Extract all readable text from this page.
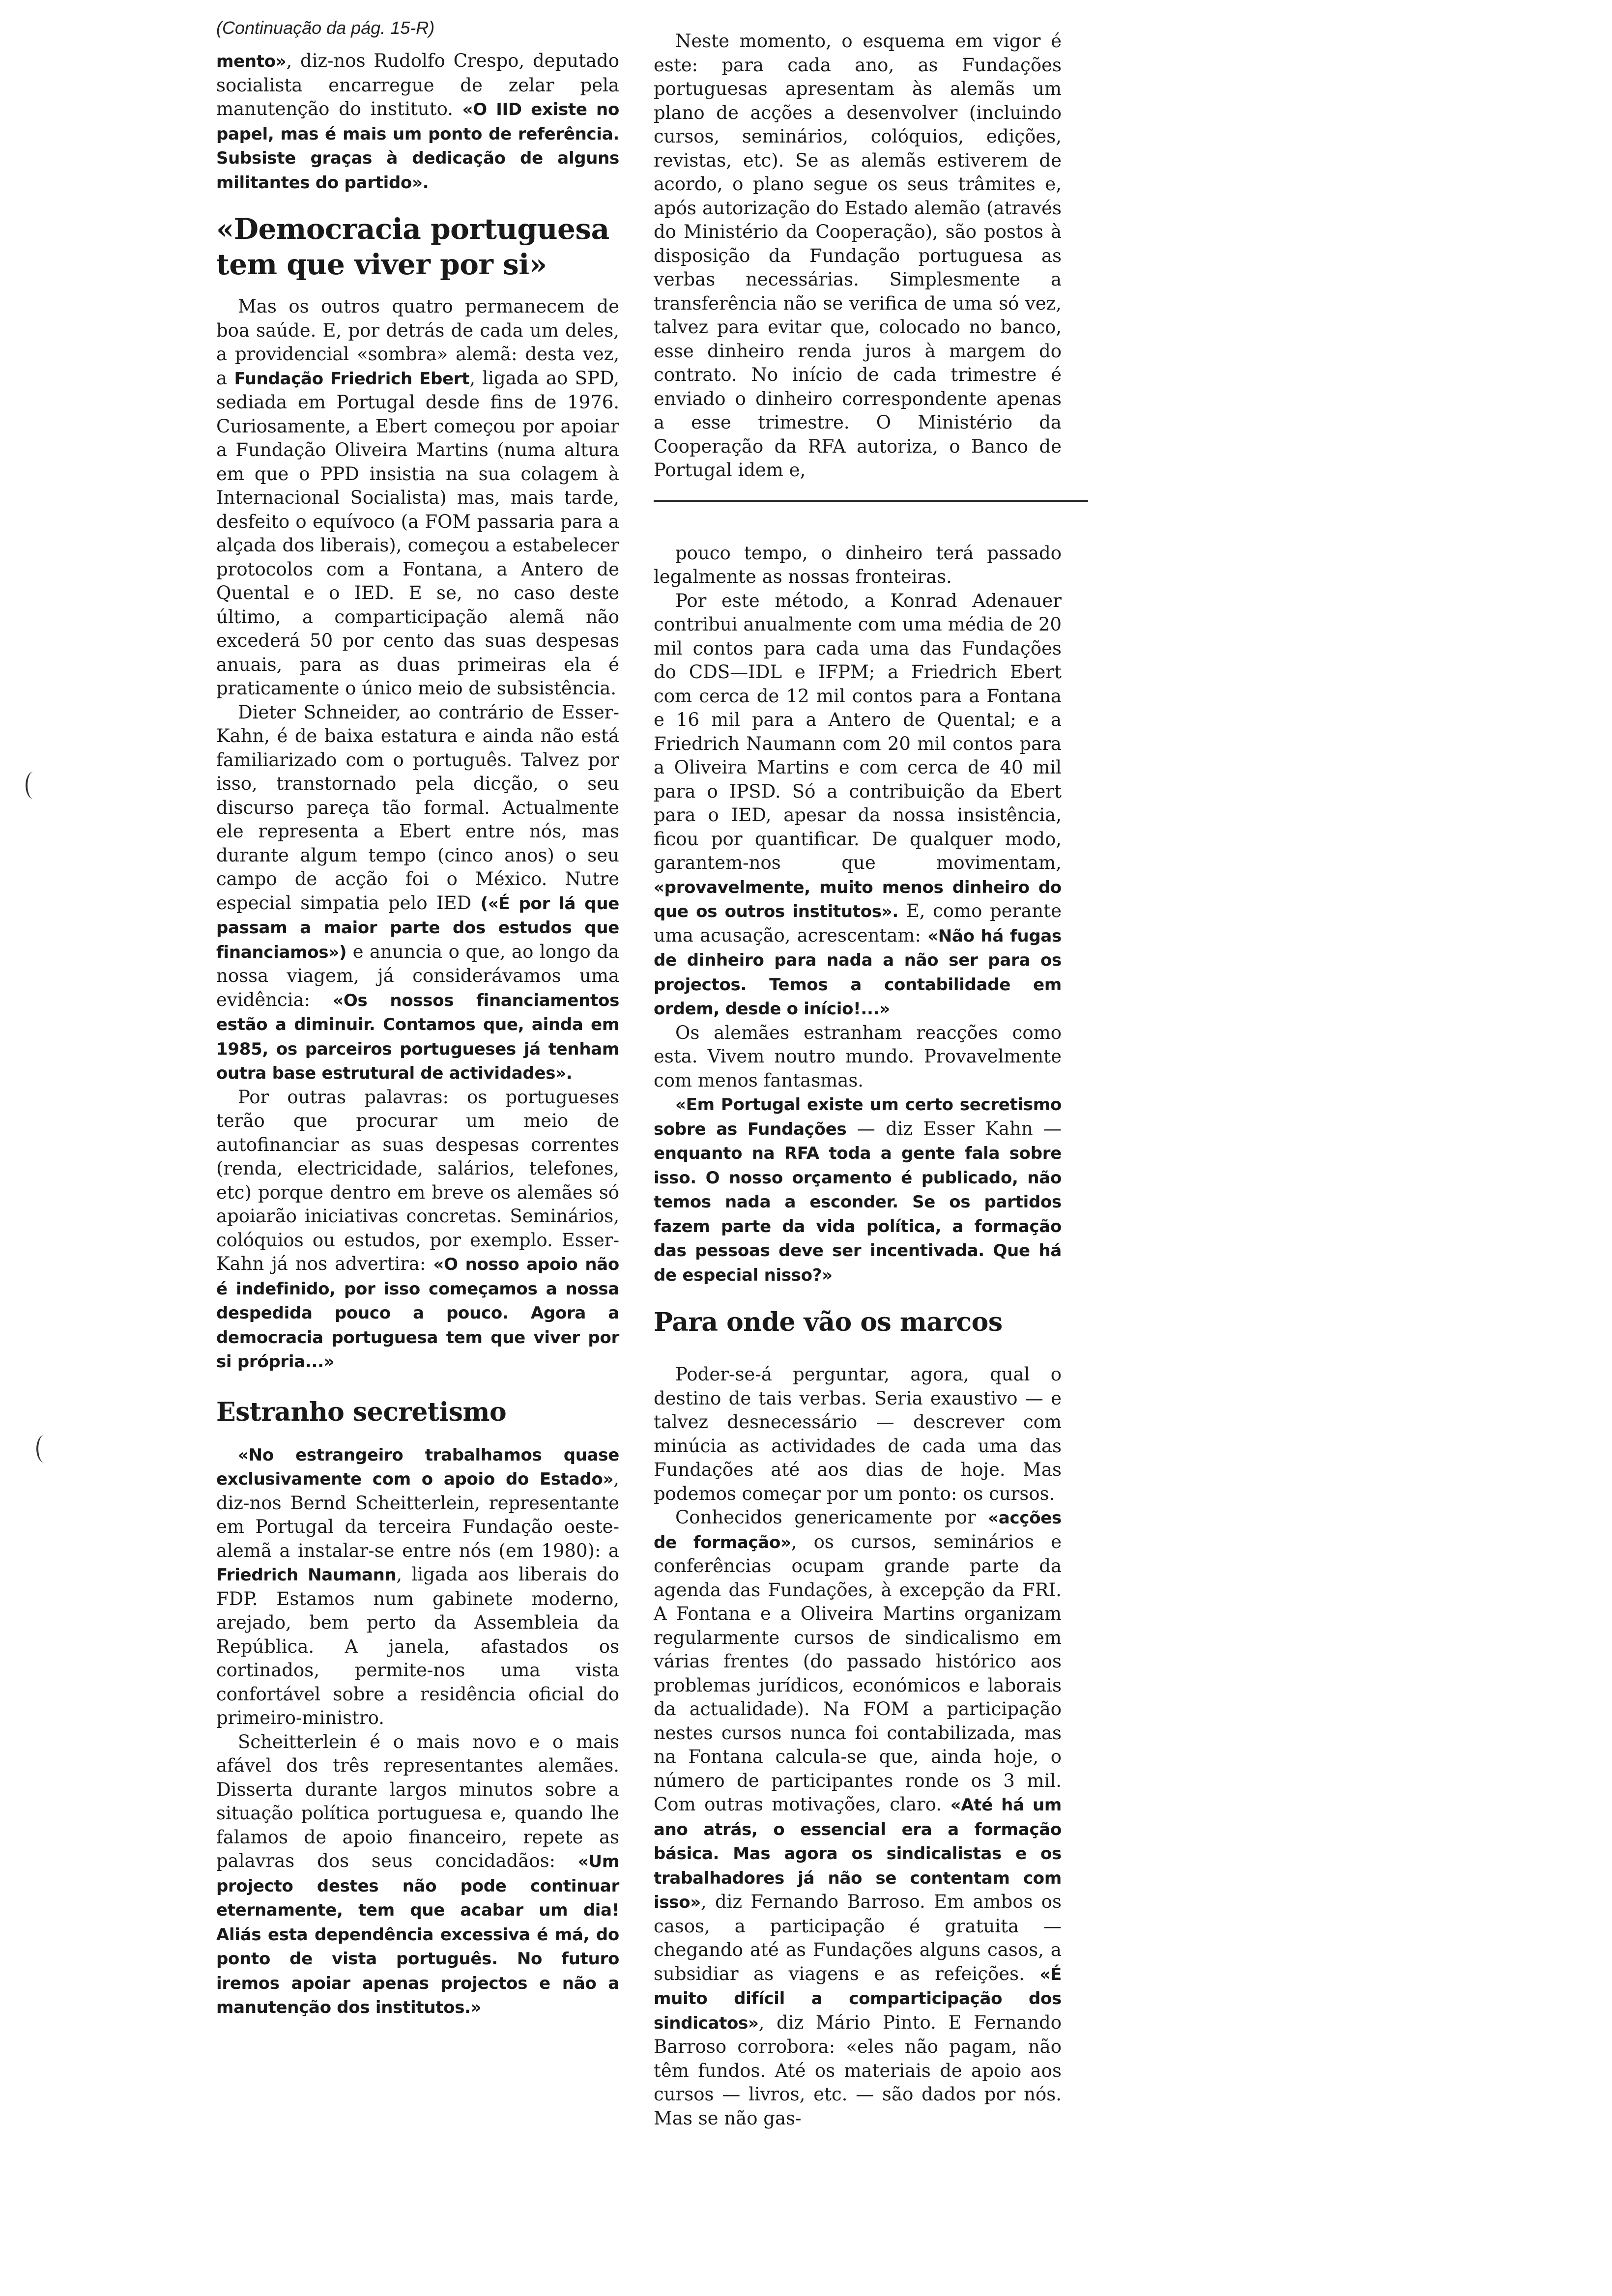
(Continuação da pág. 15-R)

mento», diz-nos Rudolfo Crespo, deputado socialista encarregue de zelar pela manutenção do instituto. «O IID existe no papel, mas é mais um ponto de referência. Subsiste graças à dedicação de alguns militantes do partido».

«Democracia portuguesa tem que viver por si»

Mas os outros quatro permanecem de boa saúde. E, por detrás de cada um deles, a providencial «sombra» alemã: desta vez, a Fundação Friedrich Ebert, ligada ao SPD, sediada em Portugal desde fins de 1976. Curiosamente, a Ebert começou por apoiar a Fundação Oliveira Martins (numa altura em que o PPD insistia na sua colagem à Internacional Socialista) mas, mais tarde, desfeito o equívoco (a FOM passaria para a alçada dos liberais), começou a estabelecer protocolos com a Fontana, a Antero de Quental e o IED. E se, no caso deste último, a comparticipação alemã não excederá 50 por cento das suas despesas anuais, para as duas primeiras ela é praticamente o único meio de subsistência.

Dieter Schneider, ao contrário de Esser-Kahn, é de baixa estatura e ainda não está familiarizado com o português. Talvez por isso, transtornado pela dicção, o seu discurso pareça tão formal. Actualmente ele representa a Ebert entre nós, mas durante algum tempo (cinco anos) o seu campo de acção foi o México. Nutre especial simpatia pelo IED («É por lá que passam a maior parte dos estudos que financiamos») e anuncia o que, ao longo da nossa viagem, já considerávamos uma evidência: «Os nossos financiamentos estão a diminuir. Contamos que, ainda em 1985, os parceiros portugueses já tenham outra base estrutural de actividades».

Por outras palavras: os portugueses terão que procurar um meio de autofinanciar as suas despesas correntes (renda, electricidade, salários, telefones, etc) porque dentro em breve os alemães só apoiarão iniciativas concretas. Seminários, colóquios ou estudos, por exemplo. Esser-Kahn já nos advertira: «O nosso apoio não é indefinido, por isso começamos a nossa despedida pouco a pouco. Agora a democracia portuguesa tem que viver por si própria...»

Estranho secretismo

«No estrangeiro trabalhamos quase exclusivamente com o apoio do Estado», diz-nos Bernd Scheitterlein, representante em Portugal da terceira Fundação oeste-alemã a instalar-se entre nós (em 1980): a Friedrich Naumann, ligada aos liberais do FDP. Estamos num gabinete moderno, arejado, bem perto da Assembleia da República. A janela, afastados os cortinados, permite-nos uma vista confortável sobre a residência oficial do primeiro-ministro.

Scheitterlein é o mais novo e o mais afável dos três representantes alemães. Disserta durante largos minutos sobre a situação política portuguesa e, quando lhe falamos de apoio financeiro, repete as palavras dos seus concidadãos: «Um projecto destes não pode continuar eternamente, tem que acabar um dia! Aliás esta dependência excessiva é má, do ponto de vista português. No futuro iremos apoiar apenas projectos e não a manutenção dos institutos.»

Neste momento, o esquema em vigor é este: para cada ano, as Fundações portuguesas apresentam às alemãs um plano de acções a desenvolver (incluindo cursos, seminários, colóquios, edições, revistas, etc). Se as alemãs estiverem de acordo, o plano segue os seus trâmites e, após autorização do Estado alemão (através do Ministério da Cooperação), são postos à disposição da Fundação portuguesa as verbas necessárias. Simplesmente a transferência não se verifica de uma só vez, talvez para evitar que, colocado no banco, esse dinheiro renda juros à margem do contrato. No início de cada trimestre é enviado o dinheiro correspondente apenas a esse trimestre. O Ministério da Cooperação da RFA autoriza, o Banco de Portugal idem e,

pouco tempo, o dinheiro terá passado legalmente as nossas fronteiras.

Por este método, a Konrad Adenauer contribui anualmente com uma média de 20 mil contos para cada uma das Fundações do CDS—IDL e IFPM; a Friedrich Ebert com cerca de 12 mil contos para a Fontana e 16 mil para a Antero de Quental; e a Friedrich Naumann com 20 mil contos para a Oliveira Martins e com cerca de 40 mil para o IPSD. Só a contribuição da Ebert para o IED, apesar da nossa insistência, ficou por quantificar. De qualquer modo, garantem-nos que movimentam, «provavelmente, muito menos dinheiro do que os outros institutos». E, como perante uma acusação, acrescentam: «Não há fugas de dinheiro para nada a não ser para os projectos. Temos a contabilidade em ordem, desde o início!...»

Os alemães estranham reacções como esta. Vivem noutro mundo. Provavelmente com menos fantasmas.

«Em Portugal existe um certo secretismo sobre as Fundações — diz Esser Kahn — enquanto na RFA toda a gente fala sobre isso. O nosso orçamento é publicado, não temos nada a esconder. Se os partidos fazem parte da vida política, a formação das pessoas deve ser incentivada. Que há de especial nisso?»

Para onde vão os marcos

Poder-se-á perguntar, agora, qual o destino de tais verbas. Seria exaustivo — e talvez desnecessário — descrever com minúcia as actividades de cada uma das Fundações até aos dias de hoje. Mas podemos começar por um ponto: os cursos.

Conhecidos genericamente por «acções de formação», os cursos, seminários e conferências ocupam grande parte da agenda das Fundações, à excepção da FRI. A Fontana e a Oliveira Martins organizam regularmente cursos de sindicalismo em várias frentes (do passado histórico aos problemas jurídicos, económicos e laborais da actualidade). Na FOM a participação nestes cursos nunca foi contabilizada, mas na Fontana calcula-se que, ainda hoje, o número de participantes ronde os 3 mil. Com outras motivações, claro. «Até há um ano atrás, o essencial era a formação básica. Mas agora os sindicalistas e os trabalhadores já não se contentam com isso», diz Fernando Barroso. Em ambos os casos, a participação é gratuita — chegando até as Fundações alguns casos, a subsidiar as viagens e as refeições. «É muito difícil a comparticipação dos sindicatos», diz Mário Pinto. E Fernando Barroso corrobora: «eles não pagam, não têm fundos. Até os materiais de apoio aos cursos — livros, etc. — são dados por nós. Mas se não gas-
